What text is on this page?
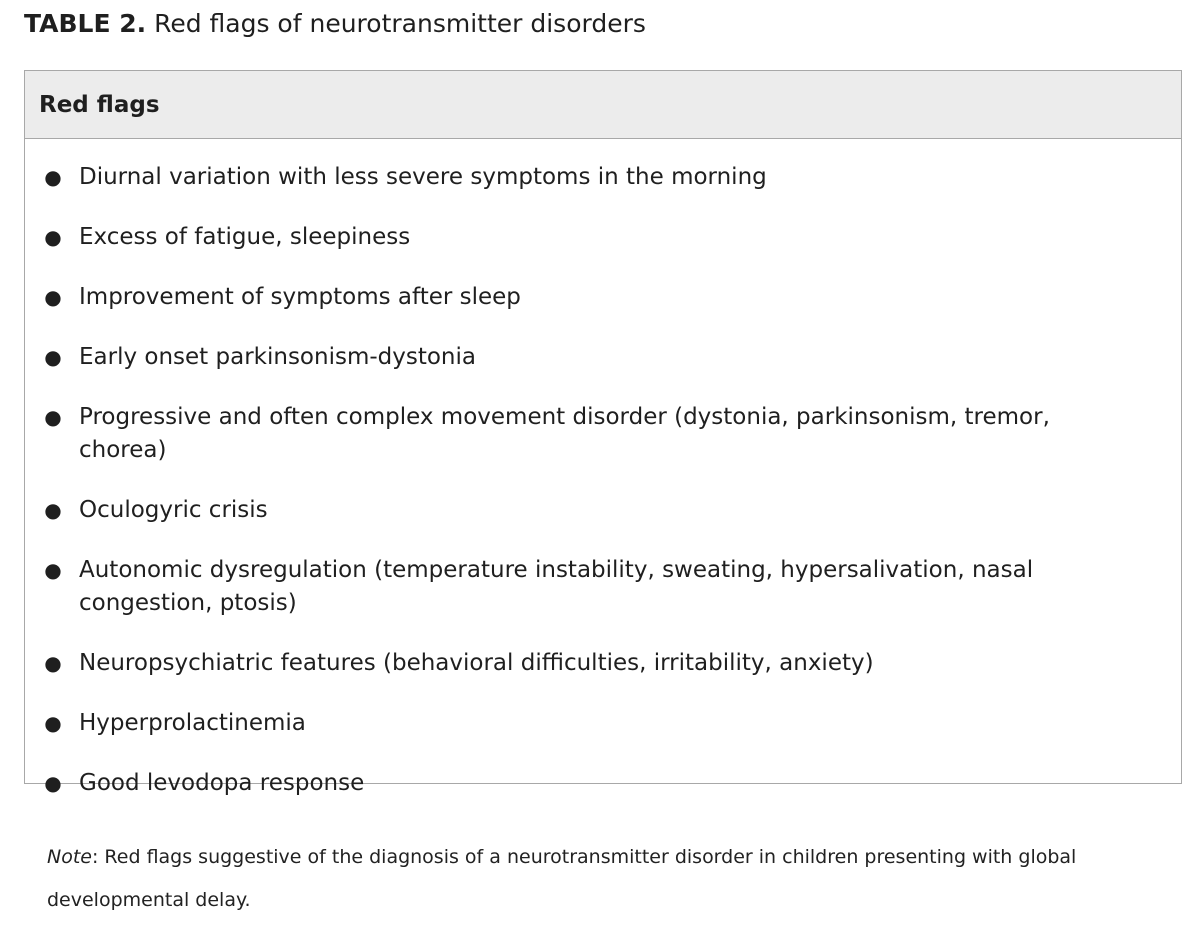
TABLE 2. Red flags of neurotransmitter disorders
Red flags
● Diurnal variation with less severe symptoms in the morning
● Excess of fatigue, sleepiness
● Improvement of symptoms after sleep
● Early onset parkinsonism-dystonia
● Progressive and often complex movement disorder (dystonia, parkinsonism, tremor, chorea)
● Oculogyric crisis
● Autonomic dysregulation (temperature instability, sweating, hypersalivation, nasal congestion, ptosis)
● Neuropsychiatric features (behavioral difficulties, irritability, anxiety)
● Hyperprolactinemia
● Good levodopa response

Note: Red flags suggestive of the diagnosis of a neurotransmitter disorder in children presenting with global developmental delay.
